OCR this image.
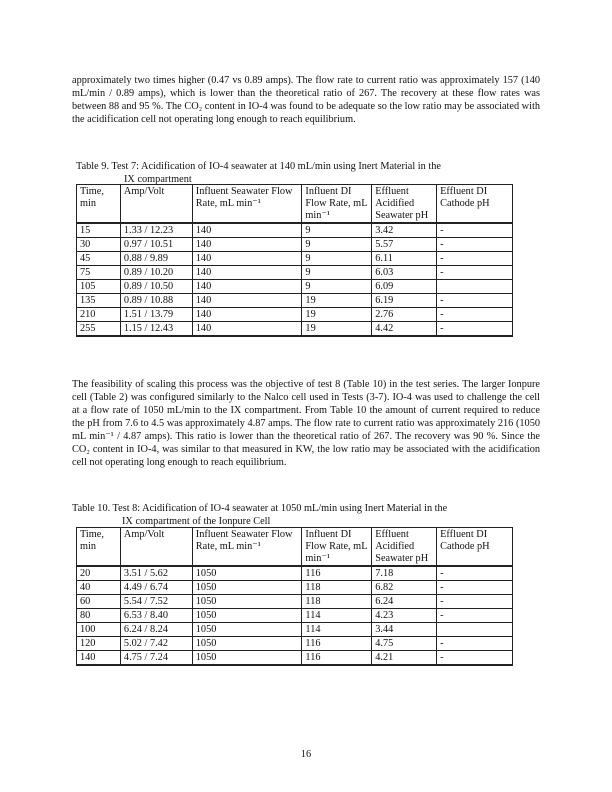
approximately two times higher (0.47 vs 0.89 amps). The flow rate to current ratio was approximately 157 (140 mL/min / 0.89 amps), which is lower than the theoretical ratio of 267. The recovery at these flow rates was between 88 and 95 %. The CO₂ content in IO-4 was found to be adequate so the low ratio may be associated with the acidification cell not operating long enough to reach equilibrium.

Table 9. Test 7: Acidification of IO-4 seawater at 140 mL/min using Inert Material in the
IX compartment
Time, min	Amp/Volt	Influent Seawater Flow Rate, mL min⁻¹	Influent DI Flow Rate, mL min⁻¹	Effluent Acidified Seawater pH	Effluent DI Cathode pH
15	1.33 / 12.23	140	9	3.42	-
30	0.97 / 10.51	140	9	5.57	-
45	0.88 / 9.89	140	9	6.11	-
75	0.89 / 10.20	140	9	6.03	-
105	0.89 / 10.50	140	9	6.09	
135	0.89 / 10.88	140	19	6.19	-
210	1.51 / 13.79	140	19	2.76	-
255	1.15 / 12.43	140	19	4.42	-

The feasibility of scaling this process was the objective of test 8 (Table 10) in the test series. The larger Ionpure cell (Table 2) was configured similarly to the Nalco cell used in Tests (3-7). IO-4 was used to challenge the cell at a flow rate of 1050 mL/min to the IX compartment. From Table 10 the amount of current required to reduce the pH from 7.6 to 4.5 was approximately 4.87 amps. The flow rate to current ratio was approximately 216 (1050 mL min⁻¹ / 4.87 amps). This ratio is lower than the theoretical ratio of 267. The recovery was 90 %. Since the CO₂ content in IO-4, was similar to that measured in KW, the low ratio may be associated with the acidification cell not operating long enough to reach equilibrium.

Table 10. Test 8: Acidification of IO-4 seawater at 1050 mL/min using Inert Material in the
IX compartment of the Ionpure Cell
Time, min	Amp/Volt	Influent Seawater Flow Rate, mL min⁻¹	Influent DI Flow Rate, mL min⁻¹	Effluent Acidified Seawater pH	Effluent DI Cathode pH
20	3.51 / 5.62	1050	116	7.18	-
40	4.49 / 6.74	1050	118	6.82	-
60	5.54 / 7.52	1050	118	6.24	-
80	6.53 / 8.40	1050	114	4.23	-
100	6.24 / 8.24	1050	114	3.44	
120	5.02 / 7.42	1050	116	4.75	-
140	4.75 / 7.24	1050	116	4.21	-
16
